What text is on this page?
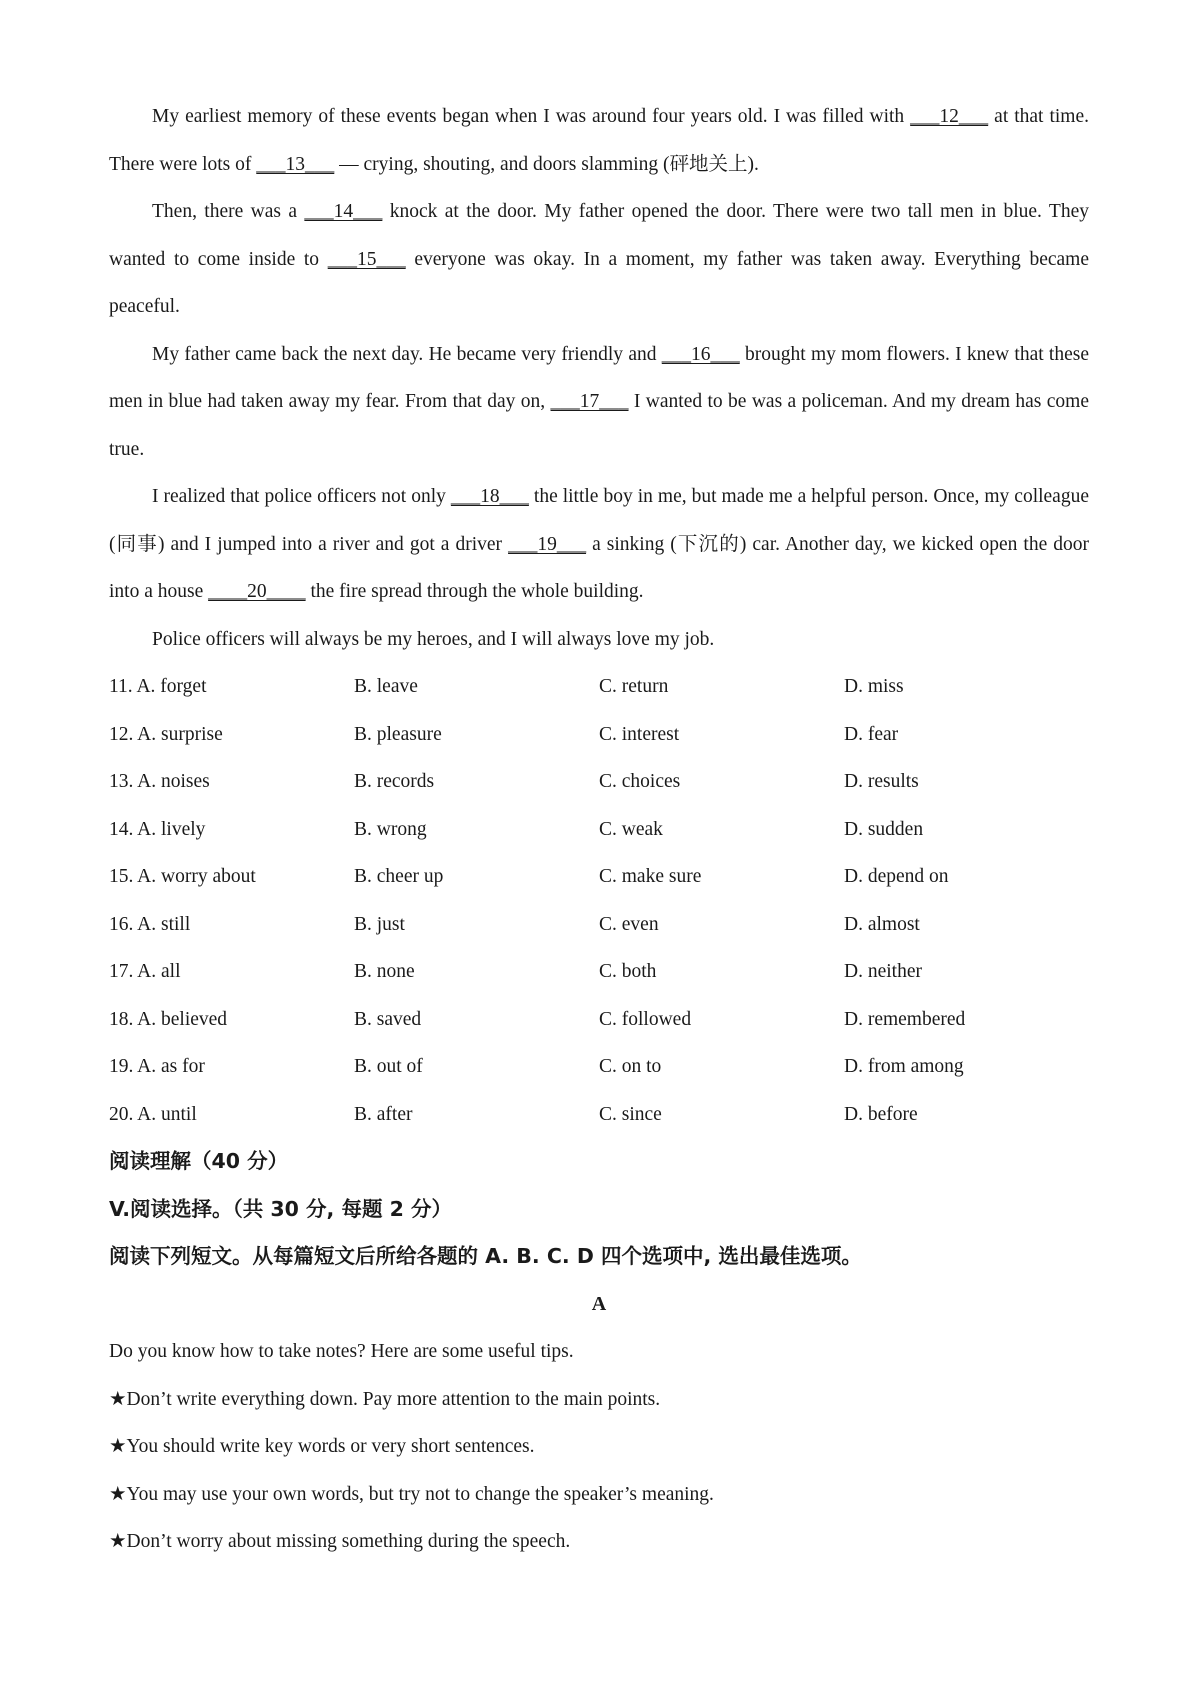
My earliest memory of these events began when I was around four years old. I was filled with ___12___ at that time. There were lots of ___13___ — crying, shouting, and doors slamming (砰地关上).

Then, there was a ___14___ knock at the door. My father opened the door. There were two tall men in blue. They wanted to come inside to ___15___ everyone was okay. In a moment, my father was taken away. Everything became peaceful.

My father came back the next day. He became very friendly and ___16___ brought my mom flowers. I knew that these men in blue had taken away my fear. From that day on, ___17___ I wanted to be was a policeman. And my dream has come true.

I realized that police officers not only ___18___ the little boy in me, but made me a helpful person. Once, my colleague (同事) and I jumped into a river and got a driver ___19___ a sinking (下沉的) car. Another day, we kicked open the door into a house ____20____ the fire spread through the whole building.

Police officers will always be my heroes, and I will always love my job.

11. A. forget	B. leave	C. return	D. miss
12. A. surprise	B. pleasure	C. interest	D. fear
13. A. noises	B. records	C. choices	D. results
14. A. lively	B. wrong	C. weak	D. sudden
15. A. worry about	B. cheer up	C. make sure	D. depend on
16. A. still	B. just	C. even	D. almost
17. A. all	B. none	C. both	D. neither
18. A. believed	B. saved	C. followed	D. remembered
19. A. as for	B. out of	C. on to	D. from among
20. A. until	B. after	C. since	D. before

阅读理解（40 分）

V.阅读选择。（共 30 分, 每题 2 分）

阅读下列短文。从每篇短文后所给各题的 A. B. C. D 四个选项中, 选出最佳选项。

A

Do you know how to take notes? Here are some useful tips.

★Don’t write everything down. Pay more attention to the main points.

★You should write key words or very short sentences.

★You may use your own words, but try not to change the speaker’s meaning.

★Don’t worry about missing something during the speech.
